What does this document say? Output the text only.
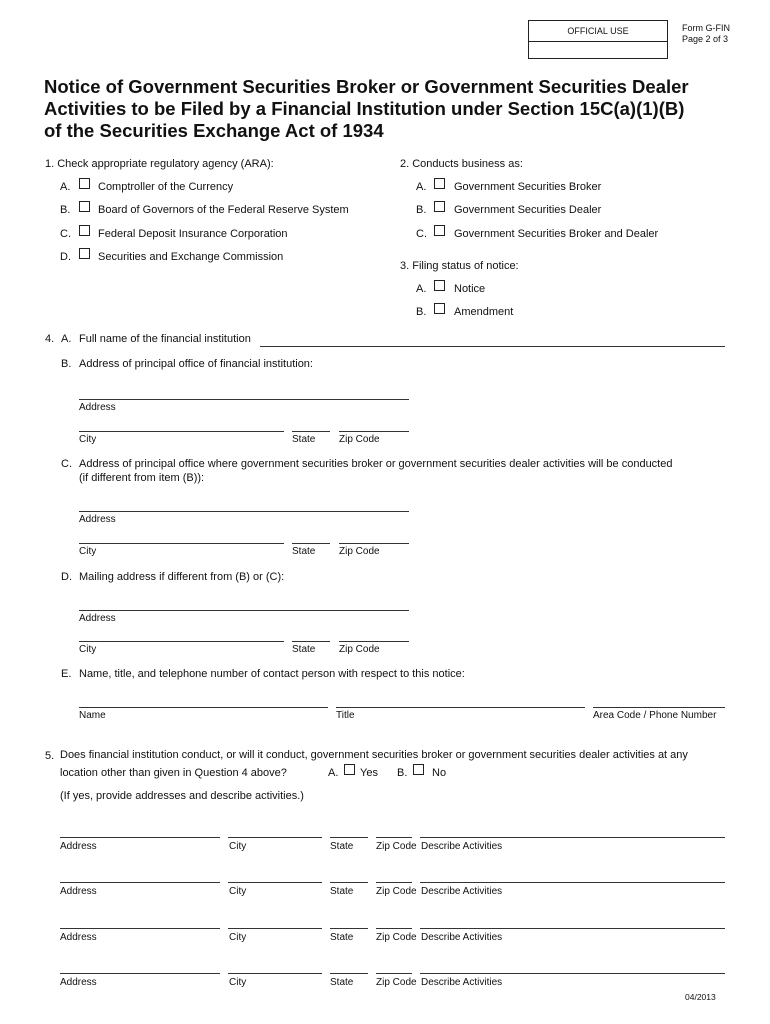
OFFICIAL USE	Form G-FIN
Page 2 of 3
Notice of Government Securities Broker or Government Securities Dealer
Activities to be Filed by a Financial Institution under Section 15C(a)(1)(B)
of the Securities Exchange Act of 1934
1. Check appropriate regulatory agency (ARA):
A.	Comptroller of the Currency
B.	Board of Governors of the Federal Reserve System
C. Federal Deposit Insurance Corporation
D. Securities and Exchange Commission
2. Conducts business as:
A.	Government Securities Broker
B.	Government Securities Dealer
C. Government Securities Broker and Dealer
3. Filing status of notice:
A.	Notice
B.	Amendment
4. A. Full name of the financial institution
B. Address of principal office of financial institution:
Address
City	State Zip Code
C. Address of principal office where government securities broker or government securities dealer activities will be conducted
(if different from item (B)):
Address
City	State Zip Code
D. Mailing address if different from (B) or (C):
Address
City	State Zip Code
E. Name, title, and telephone number of contact person with respect to this notice:
Name	Title	Area Code / Phone Number
5. Does financial institution conduct, or will it conduct, government securities broker or government securities dealer activities at any
location other than given in Question 4 above?	A. Yes B. No
(If yes, provide addresses and describe activities.)
Address	City	State Zip Code Describe Activities
Address	City	State Zip Code Describe Activities
Address	City	State Zip Code Describe Activities
Address	City	State Zip Code Describe Activities
04/2013
